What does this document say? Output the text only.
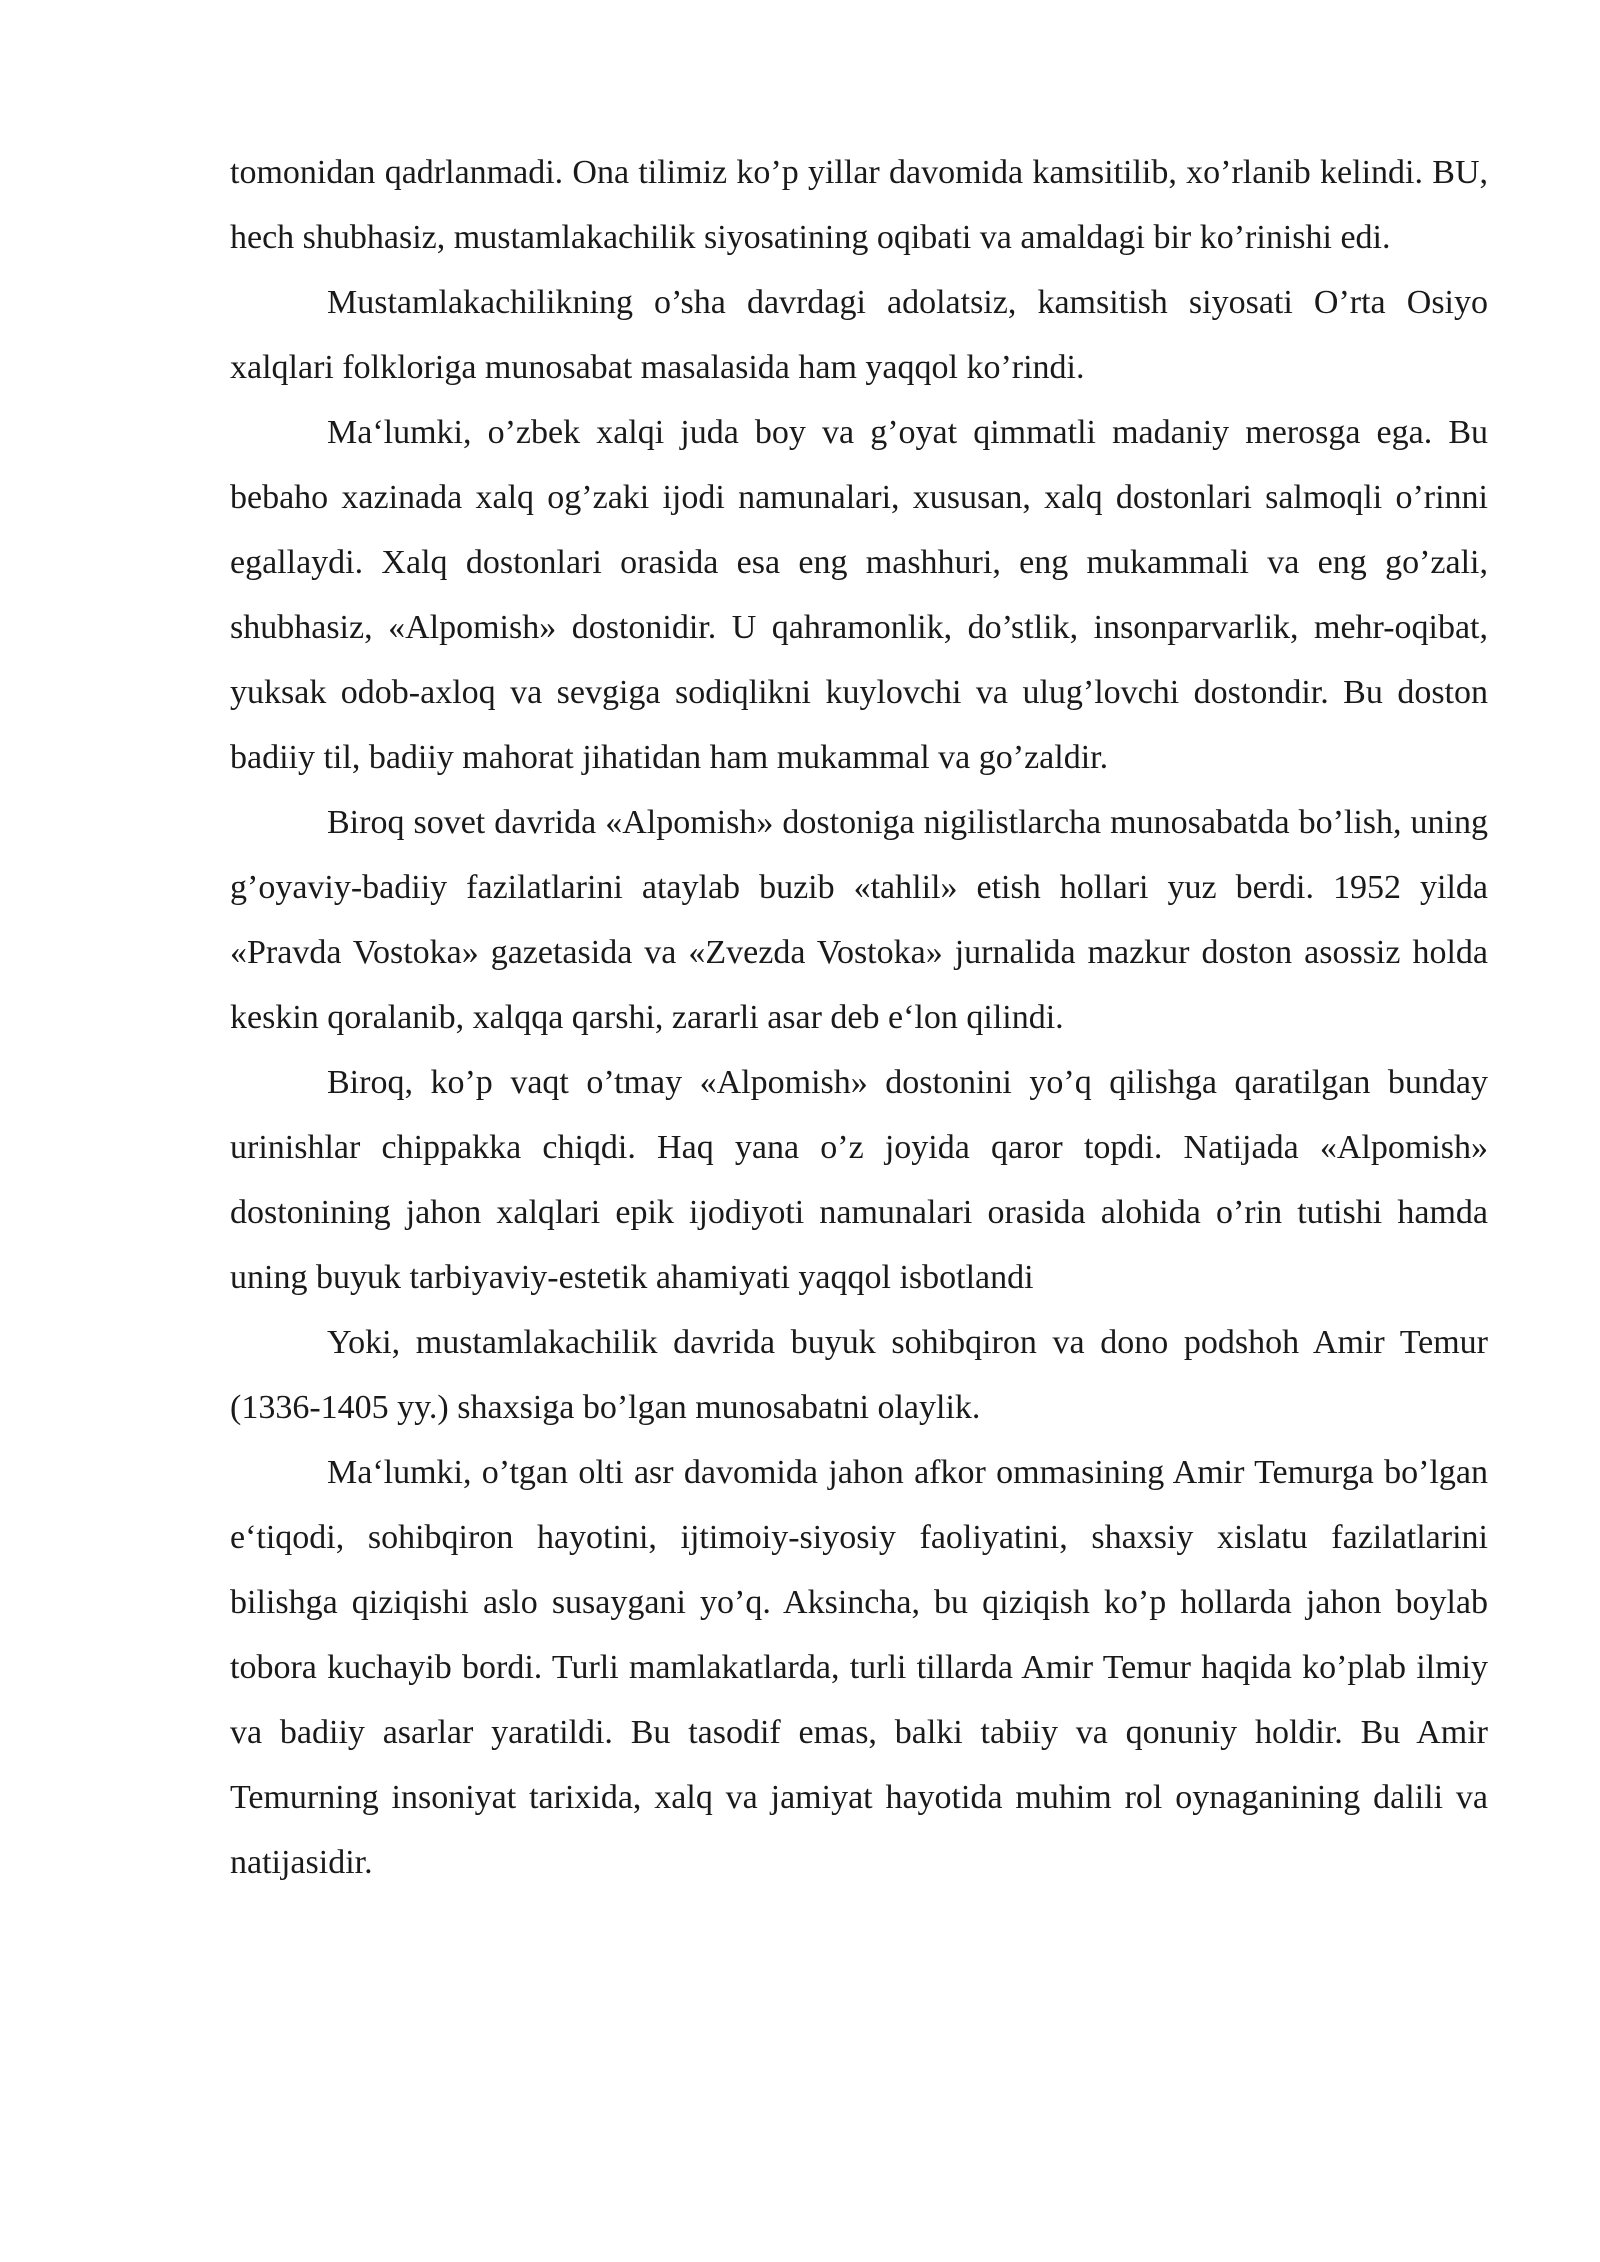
tomonidan qadrlanmadi. Ona tilimiz ko’p yillar davomida kamsitilib, xo’rlanib kelindi. BU, hech shubhasiz, mustamlakachilik siyosatining oqibati va amaldagi bir ko’rinishi edi.

Mustamlakachilikning o’sha davrdagi adolatsiz, kamsitish siyosati O’rta Osiyo xalqlari folkloriga munosabat masalasida ham yaqqol ko’rindi.

Ma‘lumki, o’zbek xalqi juda boy va g’oyat qimmatli madaniy merosga ega. Bu bebaho xazinada xalq og’zaki ijodi namunalari, xususan, xalq dostonlari salmoqli o’rinni egallaydi. Xalq dostonlari orasida esa eng mashhuri, eng mukammali va eng go’zali, shubhasiz, «Alpomish» dostonidir. U qahramonlik, do’stlik, insonparvarlik, mehr-oqibat, yuksak odob-axloq va sevgiga sodiqlikni kuylovchi va ulug’lovchi dostondir. Bu doston badiiy til, badiiy mahorat jihatidan ham mukammal va go’zaldir.

Biroq sovet davrida «Alpomish» dostoniga nigilistlarcha munosabatda bo’lish, uning g’oyaviy-badiiy fazilatlarini ataylab buzib «tahlil» etish hollari yuz berdi. 1952 yilda «Pravda Vostoka» gazetasida va «Zvezda Vostoka» jurnalida mazkur doston asossiz holda keskin qoralanib, xalqqa qarshi, zararli asar deb e‘lon qilindi.

Biroq, ko’p vaqt o’tmay «Alpomish» dostonini yo’q qilishga qaratilgan bunday urinishlar chippakka chiqdi. Haq yana o’z joyida qaror topdi. Natijada «Alpomish» dostonining jahon xalqlari epik ijodiyoti namunalari orasida alohida o’rin tutishi hamda uning buyuk tarbiyaviy-estetik ahamiyati yaqqol isbotlandi

Yoki, mustamlakachilik davrida buyuk sohibqiron va dono podshoh Amir Temur (1336-1405 yy.) shaxsiga bo’lgan munosabatni olaylik.

Ma‘lumki, o’tgan olti asr davomida jahon afkor ommasining Amir Temurga bo’lgan e‘tiqodi, sohibqiron hayotini, ijtimoiy-siyosiy faoliyatini, shaxsiy xislatu fazilatlarini bilishga qiziqishi aslo susaygani yo’q. Aksincha, bu qiziqish ko’p hollarda jahon boylab tobora kuchayib bordi. Turli mamlakatlarda, turli tillarda Amir Temur haqida ko’plab ilmiy va badiiy asarlar yaratildi. Bu tasodif emas, balki tabiiy va qonuniy holdir. Bu Amir Temurning insoniyat tarixida, xalq va jamiyat hayotida muhim rol oynaganining dalili va natijasidir.
